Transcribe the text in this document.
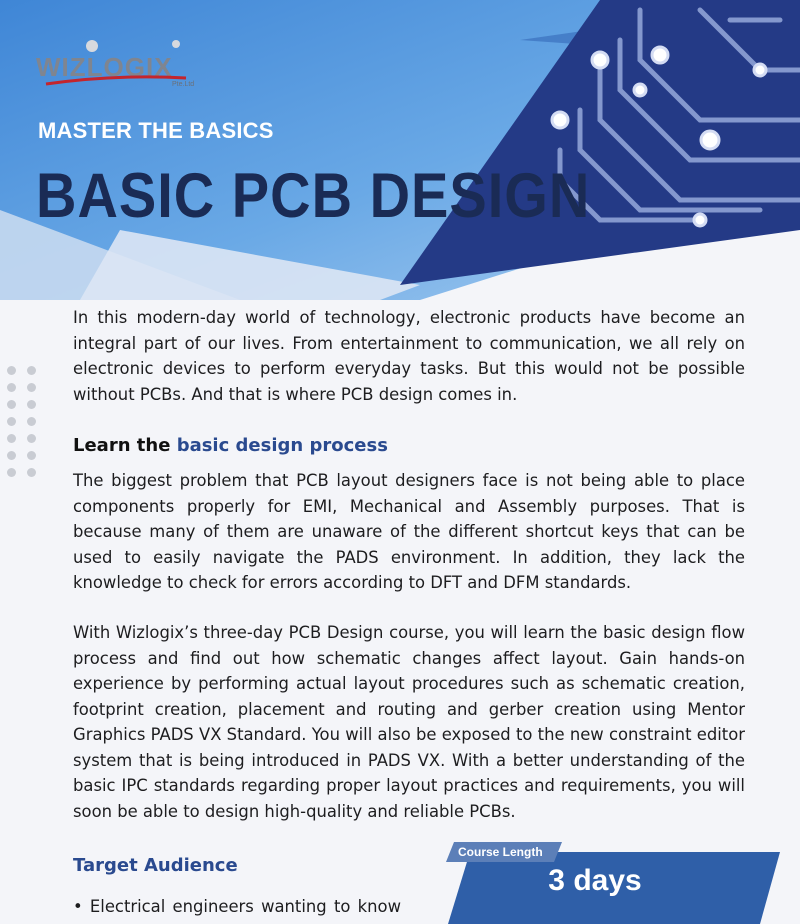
WIZLOGIX
Pte.Ltd
MASTER THE BASICS
BASIC PCB DESIGN

In this modern-day world of technology, electronic products have become an integral part of our lives. From entertainment to communication, we all rely on electronic devices to perform everyday tasks. But this would not be possible without PCBs. And that is where PCB design comes in.

Learn the basic design process

The biggest problem that PCB layout designers face is not being able to place components properly for EMI, Mechanical and Assembly purposes. That is because many of them are unaware of the different shortcut keys that can be used to easily navigate the PADS environment. In addition, they lack the knowledge to check for errors according to DFT and DFM standards.

With Wizlogix’s three-day PCB Design course, you will learn the basic design flow process and find out how schematic changes affect layout. Gain hands-on experience by performing actual layout procedures such as schematic creation, footprint creation, placement and routing and gerber creation using Mentor Graphics PADS VX Standard. You will also be exposed to the new constraint editor system that is being introduced in PADS VX. With a better understanding of the basic IPC standards regarding proper layout practices and requirements, you will soon be able to design high-quality and reliable PCBs.

Target Audience
• Electrical engineers wanting to know
Course Length
3 days
